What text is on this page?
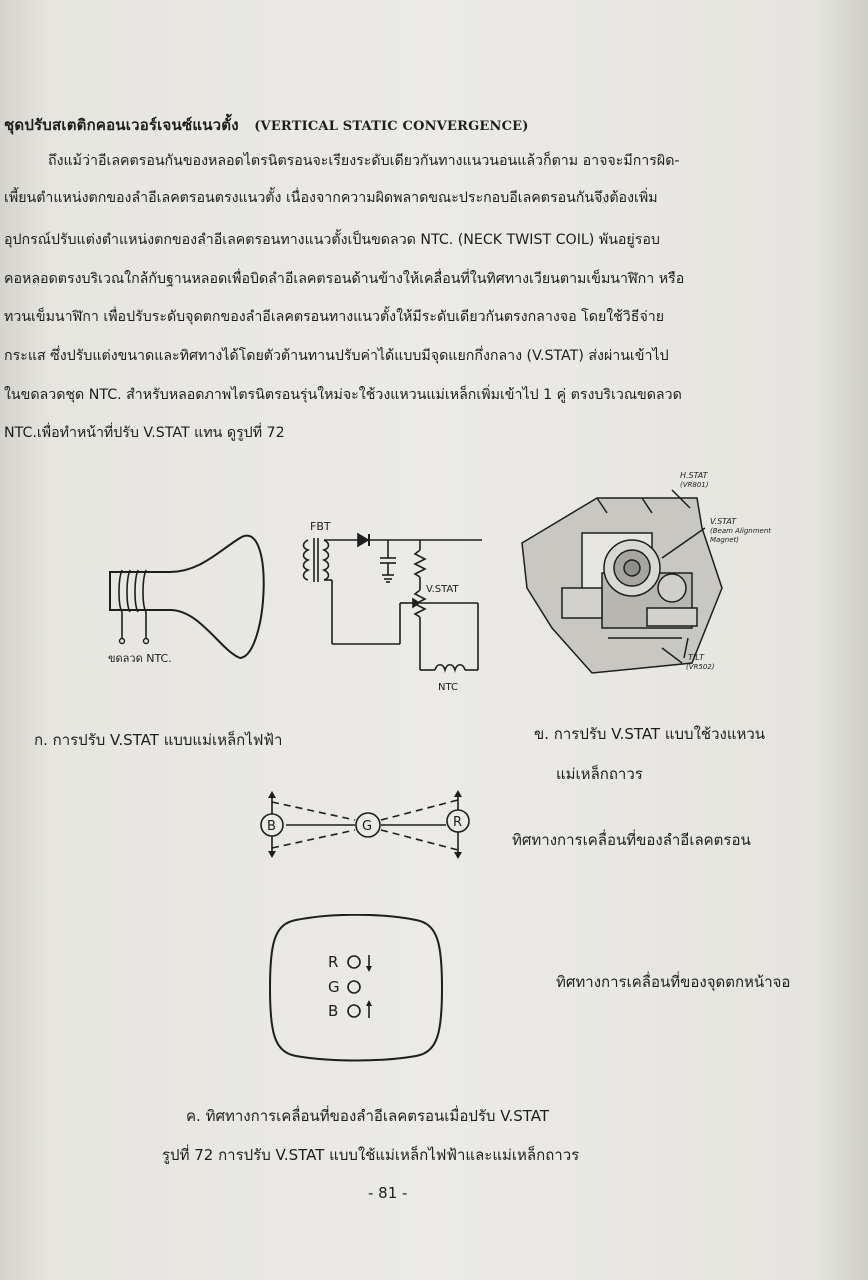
ชุดปรับสเตติกคอนเวอร์เจนซ์แนวตั้ง (VERTICAL STATIC CONVERGENCE)
ถึงแม้ว่าอีเลคตรอนกันของหลอดไตรนิตรอนจะเรียงระดับเดียวกันทางแนวนอนแล้วก็ตาม อาจจะมีการผิด-
เพี้ยนตำแหน่งตกของลำอีเลคตรอนตรงแนวตั้ง เนื่องจากความผิดพลาดขณะประกอบอีเลคตรอนกันจึงต้องเพิ่ม
อุปกรณ์ปรับแต่งตำแหน่งตกของลำอีเลคตรอนทางแนวตั้งเป็นขดลวด NTC. (NECK TWIST COIL) พันอยู่รอบ
คอหลอดตรงบริเวณใกล้กับฐานหลอดเพื่อบิดลำอีเลคตรอนด้านข้างให้เคลื่อนที่ในทิศทางเวียนตามเข็มนาฬิกา หรือ
ทวนเข็มนาฬิกา เพื่อปรับระดับจุดตกของลำอีเลคตรอนทางแนวตั้งให้มีระดับเดียวกันตรงกลางจอ โดยใช้วิธีจ่าย
กระแส ซึ่งปรับแต่งขนาดและทิศทางได้โดยตัวต้านทานปรับค่าได้แบบมีจุดแยกกึ่งกลาง (V.STAT) ส่งผ่านเข้าไป
ในขดลวดชุด NTC. สำหรับหลอดภาพไตรนิตรอนรุ่นใหม่จะใช้วงแหวนแม่เหล็กเพิ่มเข้าไป 1 คู่ ตรงบริเวณขดลวด
NTC.เพื่อทำหน้าที่ปรับ V.STAT แทน ดูรูปที่ 72
ขดลวด NTC.
FBT
V.STAT
NTC
H.STAT
(VR801)
V.STAT
(Beam Alignment
Magnet)
TILT
(VR502)
ก. การปรับ V.STAT แบบแม่เหล็กไฟฟ้า	ข. การปรับ V.STAT แบบใช้วงแหวน
แม่เหล็กถาวร
B	G	R
ทิศทางการเคลื่อนที่ของลำอีเลคตรอน
R
G
B
ทิศทางการเคลื่อนที่ของจุดตกหน้าจอ
ค. ทิศทางการเคลื่อนที่ของลำอีเลคตรอนเมื่อปรับ V.STAT
รูปที่ 72 การปรับ V.STAT แบบใช้แม่เหล็กไฟฟ้าและแม่เหล็กถาวร
- 81 -
